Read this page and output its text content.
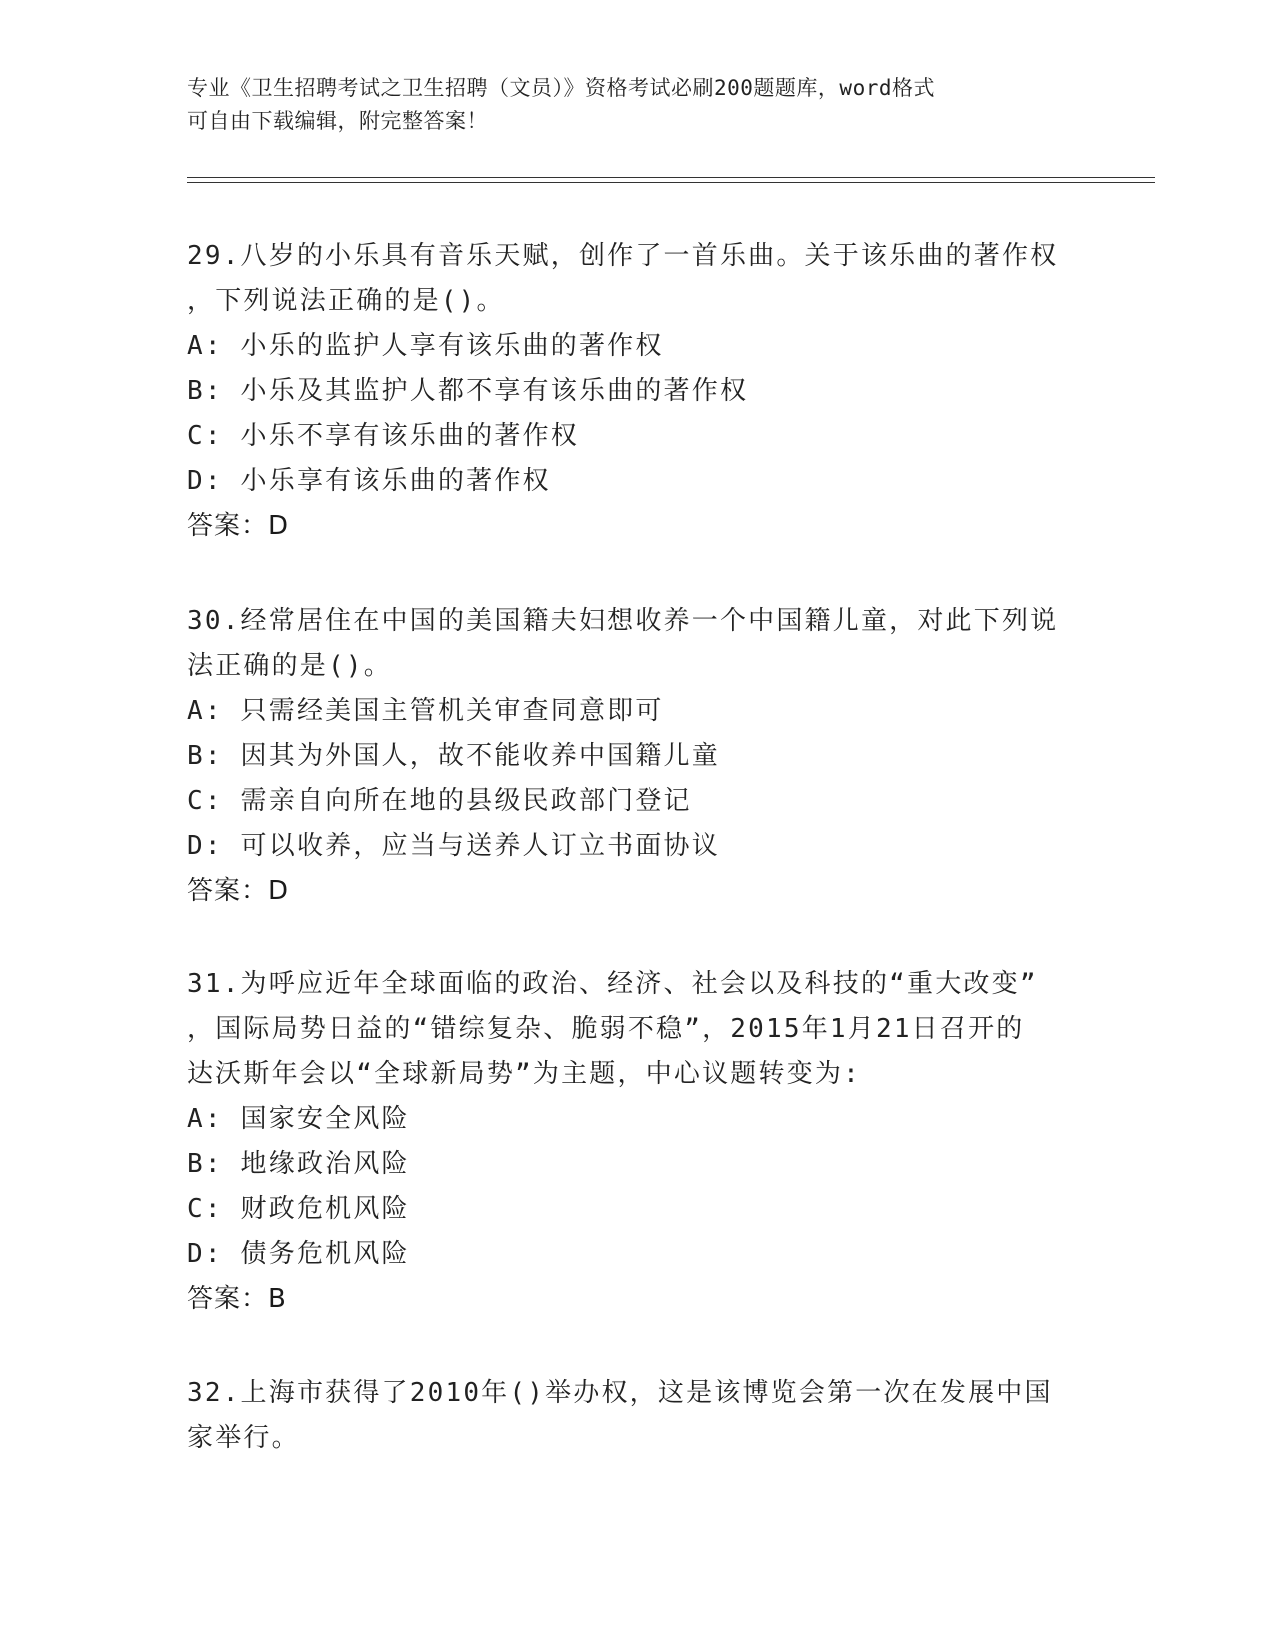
专业《卫生招聘考试之卫生招聘（文员）》资格考试必刷200题题库，word格式
可自由下载编辑，附完整答案！
29.八岁的小乐具有音乐天赋，创作了一首乐曲。关于该乐曲的著作权
，下列说法正确的是()。
A: 小乐的监护人享有该乐曲的著作权
B: 小乐及其监护人都不享有该乐曲的著作权
C: 小乐不享有该乐曲的著作权
D: 小乐享有该乐曲的著作权
答案：D
30.经常居住在中国的美国籍夫妇想收养一个中国籍儿童，对此下列说
法正确的是()。
A: 只需经美国主管机关审查同意即可
B: 因其为外国人，故不能收养中国籍儿童
C: 需亲自向所在地的县级民政部门登记
D: 可以收养，应当与送养人订立书面协议
答案：D
31.为呼应近年全球面临的政治、经济、社会以及科技的“重大改变”
，国际局势日益的“错综复杂、脆弱不稳”，2015年1月21日召开的
达沃斯年会以“全球新局势”为主题，中心议题转变为:
A: 国家安全风险
B: 地缘政治风险
C: 财政危机风险
D: 债务危机风险
答案：B
32.上海市获得了2010年()举办权，这是该博览会第一次在发展中国
家举行。
